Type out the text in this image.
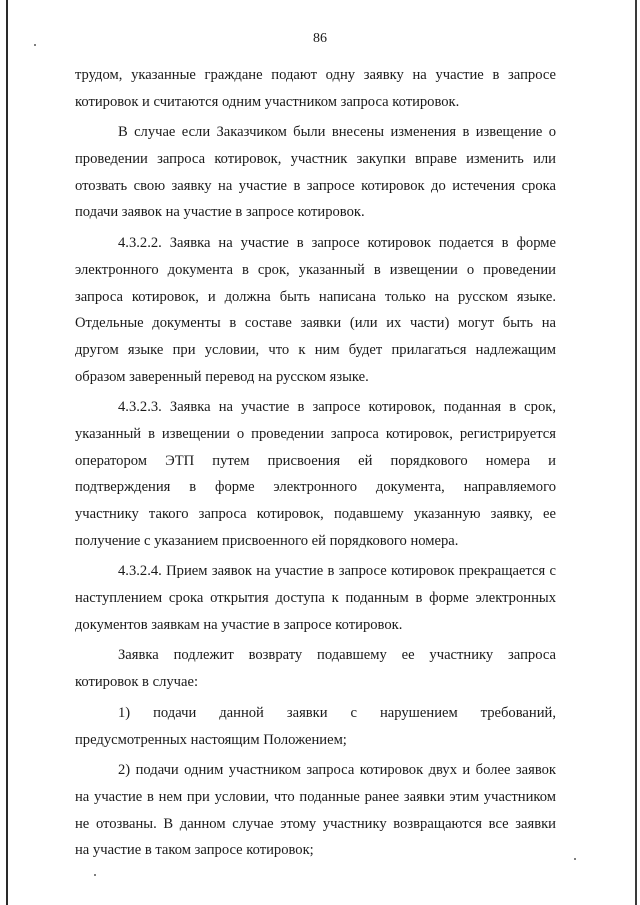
86
трудом, указанные граждане подают одну заявку на участие в запросе
котировок и считаются одним участником запроса котировок.
В случае если Заказчиком были внесены изменения в извещение о
проведении запроса котировок, участник закупки вправе изменить или
отозвать свою заявку на участие в запросе котировок до истечения срока
подачи заявок на участие в запросе котировок.
4.3.2.2. Заявка на участие в запросе котировок подается в форме
электронного документа в срок, указанный в извещении о проведении
запроса котировок, и должна быть написана только на русском языке.
Отдельные документы в составе заявки (или их части) могут быть на
другом языке при условии, что к ним будет прилагаться надлежащим
образом заверенный перевод на русском языке.
4.3.2.3. Заявка на участие в запросе котировок, поданная в срок,
указанный в извещении о проведении запроса котировок, регистрируется
оператором ЭТП путем присвоения ей порядкового номера и
подтверждения в форме электронного документа, направляемого
участнику такого запроса котировок, подавшему указанную заявку, ее
получение с указанием присвоенного ей порядкового номера.
4.3.2.4. Прием заявок на участие в запросе котировок прекращается с
наступлением срока открытия доступа к поданным в форме электронных
документов заявкам на участие в запросе котировок.
Заявка подлежит возврату подавшему ее участнику запроса
котировок в случае:
1) подачи данной заявки с нарушением требований,
предусмотренных настоящим Положением;
2) подачи одним участником запроса котировок двух и более заявок
на участие в нем при условии, что поданные ранее заявки этим участником
не отозваны. В данном случае этому участнику возвращаются все заявки
на участие в таком запросе котировок;
